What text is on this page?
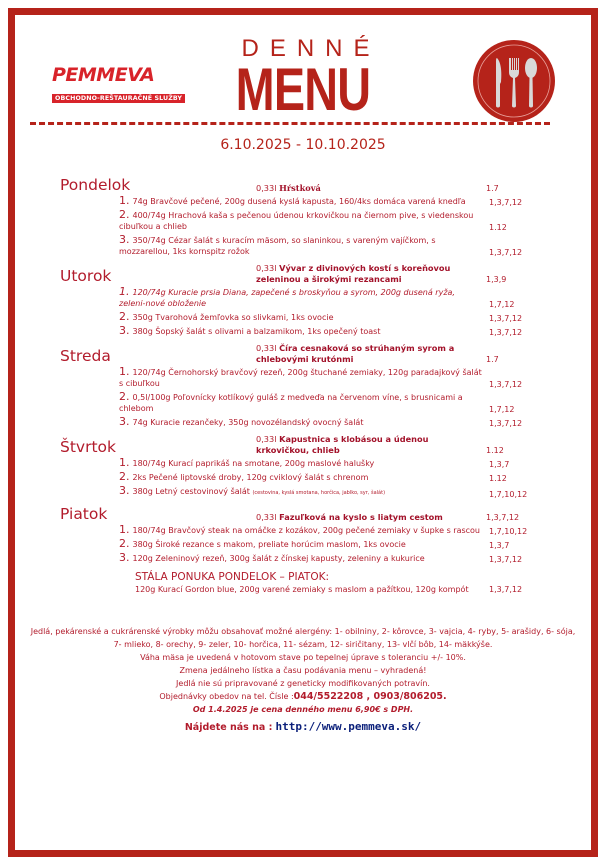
PEMMEVA
OBCHODNO-REŠTAURAČNÉ SLUŽBY
DENNÉ
MENU
6.10.2025 - 10.10.2025
Pondelok	0,33l Hŕstková	1.7
1. 74g Bravčové pečené, 200g dusená kyslá kapusta, 160/4ks domáca varená knedľa	1,3,7,12
2. 400/74g Hrachová kaša s pečenou údenou krkovičkou na čiernom pive, s viedenskou cibuľkou a chlieb	1.12
3. 350/74g Cézar šalát s kuracím mäsom, so slaninkou, s vareným vajíčkom, s mozzarellou, 1ks kornspitz rožok	1,3,7,12
Utorok	0,33l Vývar z divinových kostí s koreňovou zeleninou a širokými rezancami	1,3,9
1. 120/74g Kuracie prsia Diana, zapečené s broskyňou a syrom, 200g dusená ryža, zeleni-nové obloženie	1,7,12
2. 350g Tvarohová žemľovka so slivkami, 1ks ovocie	1,3,7,12
3. 380g Šopský šalát s olivami a balzamikom, 1ks opečený toast	1,3,7,12
Streda	0,33l Číra cesnaková so strúhaným syrom a chlebovými krutónmi	1.7
1. 120/74g Černohorský bravčový rezeň, 200g štuchané zemiaky, 120g paradajkový šalát s cibuľkou	1,3,7,12
2. 0,5l/100g Poľovnícky kotlíkový guláš z medveďa na červenom víne, s brusnicami a chlebom	1,7,12
3. 74g Kuracie rezančeky, 350g novozélandský ovocný šalát	1,3,7,12
Štvrtok	0,33l Kapustnica s klobásou a údenou krkovičkou, chlieb	1.12
1. 180/74g Kurací paprikáš na smotane, 200g maslové halušky	1,3,7
2. 2ks Pečené liptovské droby, 120g cviklový šalát s chrenom	1.12
3. 380g Letný cestovinový šalát (cestovina, kyslá smotana, horčica, jablko, syr, šalát)	1,7,10,12
Piatok	0,33l Fazuľková na kyslo s liatym cestom	1,3,7,12
1. 180/74g Bravčový steak na omáčke z kozákov, 200g pečené zemiaky v šupke s rascou	1,7,10,12
2. 380g Široké rezance s makom, preliate horúcim maslom, 1ks ovocie	1,3,7
3. 120g Zeleninový rezeň, 300g šalát z čínskej kapusty, zeleniny a kukurice	1,3,7,12
STÁLA PONUKA PONDELOK – PIATOK:
120g Kurací Gordon blue, 200g varené zemiaky s maslom a pažítkou, 120g kompót	1,3,7,12
Jedlá, pekárenské a cukrárenské výrobky môžu obsahovať možné alergény: 1- obilniny, 2- kôrovce, 3- vajcia, 4- ryby, 5- arašidy, 6- sója, 7- mlieko, 8- orechy, 9- zeler, 10- horčica, 11- sézam, 12- siričitany, 13- vlčí bôb, 14- mäkkýše.
Váha mäsa je uvedená v hotovom stave po tepelnej úprave s toleranciu +/- 10%.
Zmena jedálneho lístka a času podávania menu – vyhradená!
Jedlá nie sú pripravované z geneticky modifikovaných potravín.
Objednávky obedov na tel. Čísle :044/5522208 , 0903/806205.
Od 1.4.2025 je cena denného menu 6,90€ s DPH.
Nájdete nás na : http://www.pemmeva.sk/
